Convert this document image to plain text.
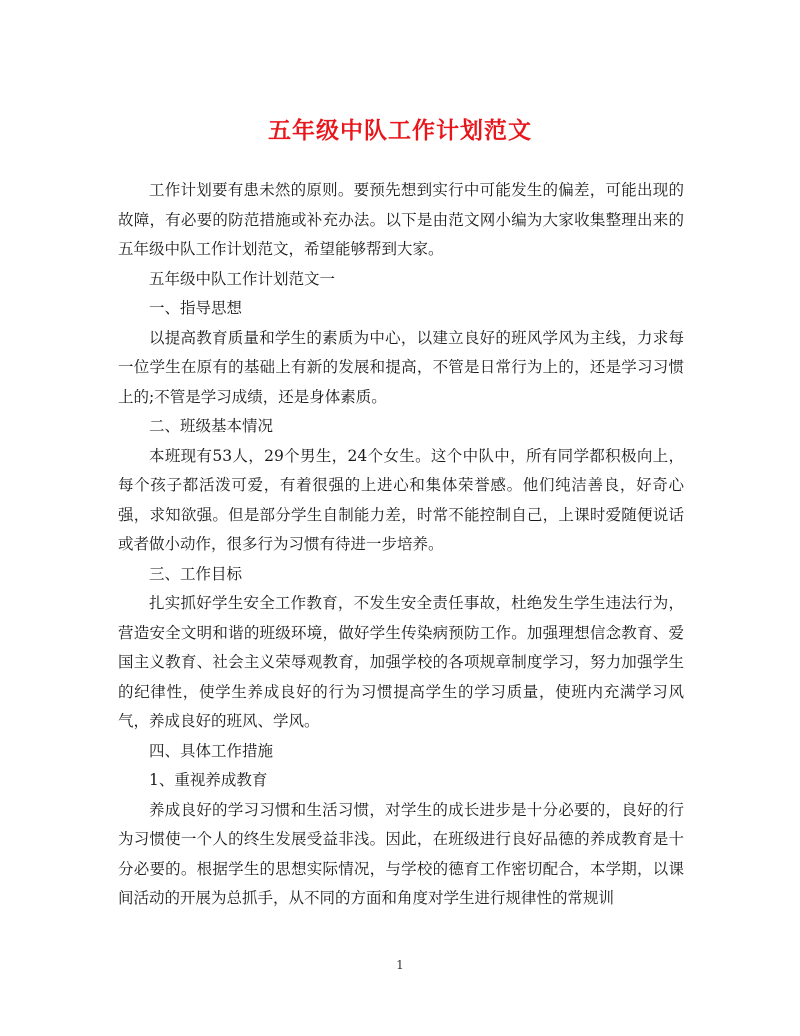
五年级中队工作计划范文

工作计划要有患未然的原则。要预先想到实行中可能发生的偏差，可能出现的故障，有必要的防范措施或补充办法。以下是由范文网小编为大家收集整理出来的五年级中队工作计划范文，希望能够帮到大家。

五年级中队工作计划范文一

一、指导思想

以提高教育质量和学生的素质为中心，以建立良好的班风学风为主线，力求每一位学生在原有的基础上有新的发展和提高，不管是日常行为上的，还是学习习惯上的;不管是学习成绩，还是身体素质。

二、班级基本情况

本班现有53人，29个男生，24个女生。这个中队中，所有同学都积极向上，每个孩子都活泼可爱，有着很强的上进心和集体荣誉感。他们纯洁善良，好奇心强，求知欲强。但是部分学生自制能力差，时常不能控制自己，上课时爱随便说话或者做小动作，很多行为习惯有待进一步培养。

三、工作目标

扎实抓好学生安全工作教育，不发生安全责任事故，杜绝发生学生违法行为，营造安全文明和谐的班级环境，做好学生传染病预防工作。加强理想信念教育、爱国主义教育、社会主义荣辱观教育，加强学校的各项规章制度学习，努力加强学生的纪律性，使学生养成良好的行为习惯提高学生的学习质量，使班内充满学习风气，养成良好的班风、学风。

四、具体工作措施

1、重视养成教育

养成良好的学习习惯和生活习惯，对学生的成长进步是十分必要的，良好的行为习惯使一个人的终生发展受益非浅。因此，在班级进行良好品德的养成教育是十分必要的。根据学生的思想实际情况，与学校的德育工作密切配合，本学期，以课间活动的开展为总抓手，从不同的方面和角度对学生进行规律性的常规训

1
